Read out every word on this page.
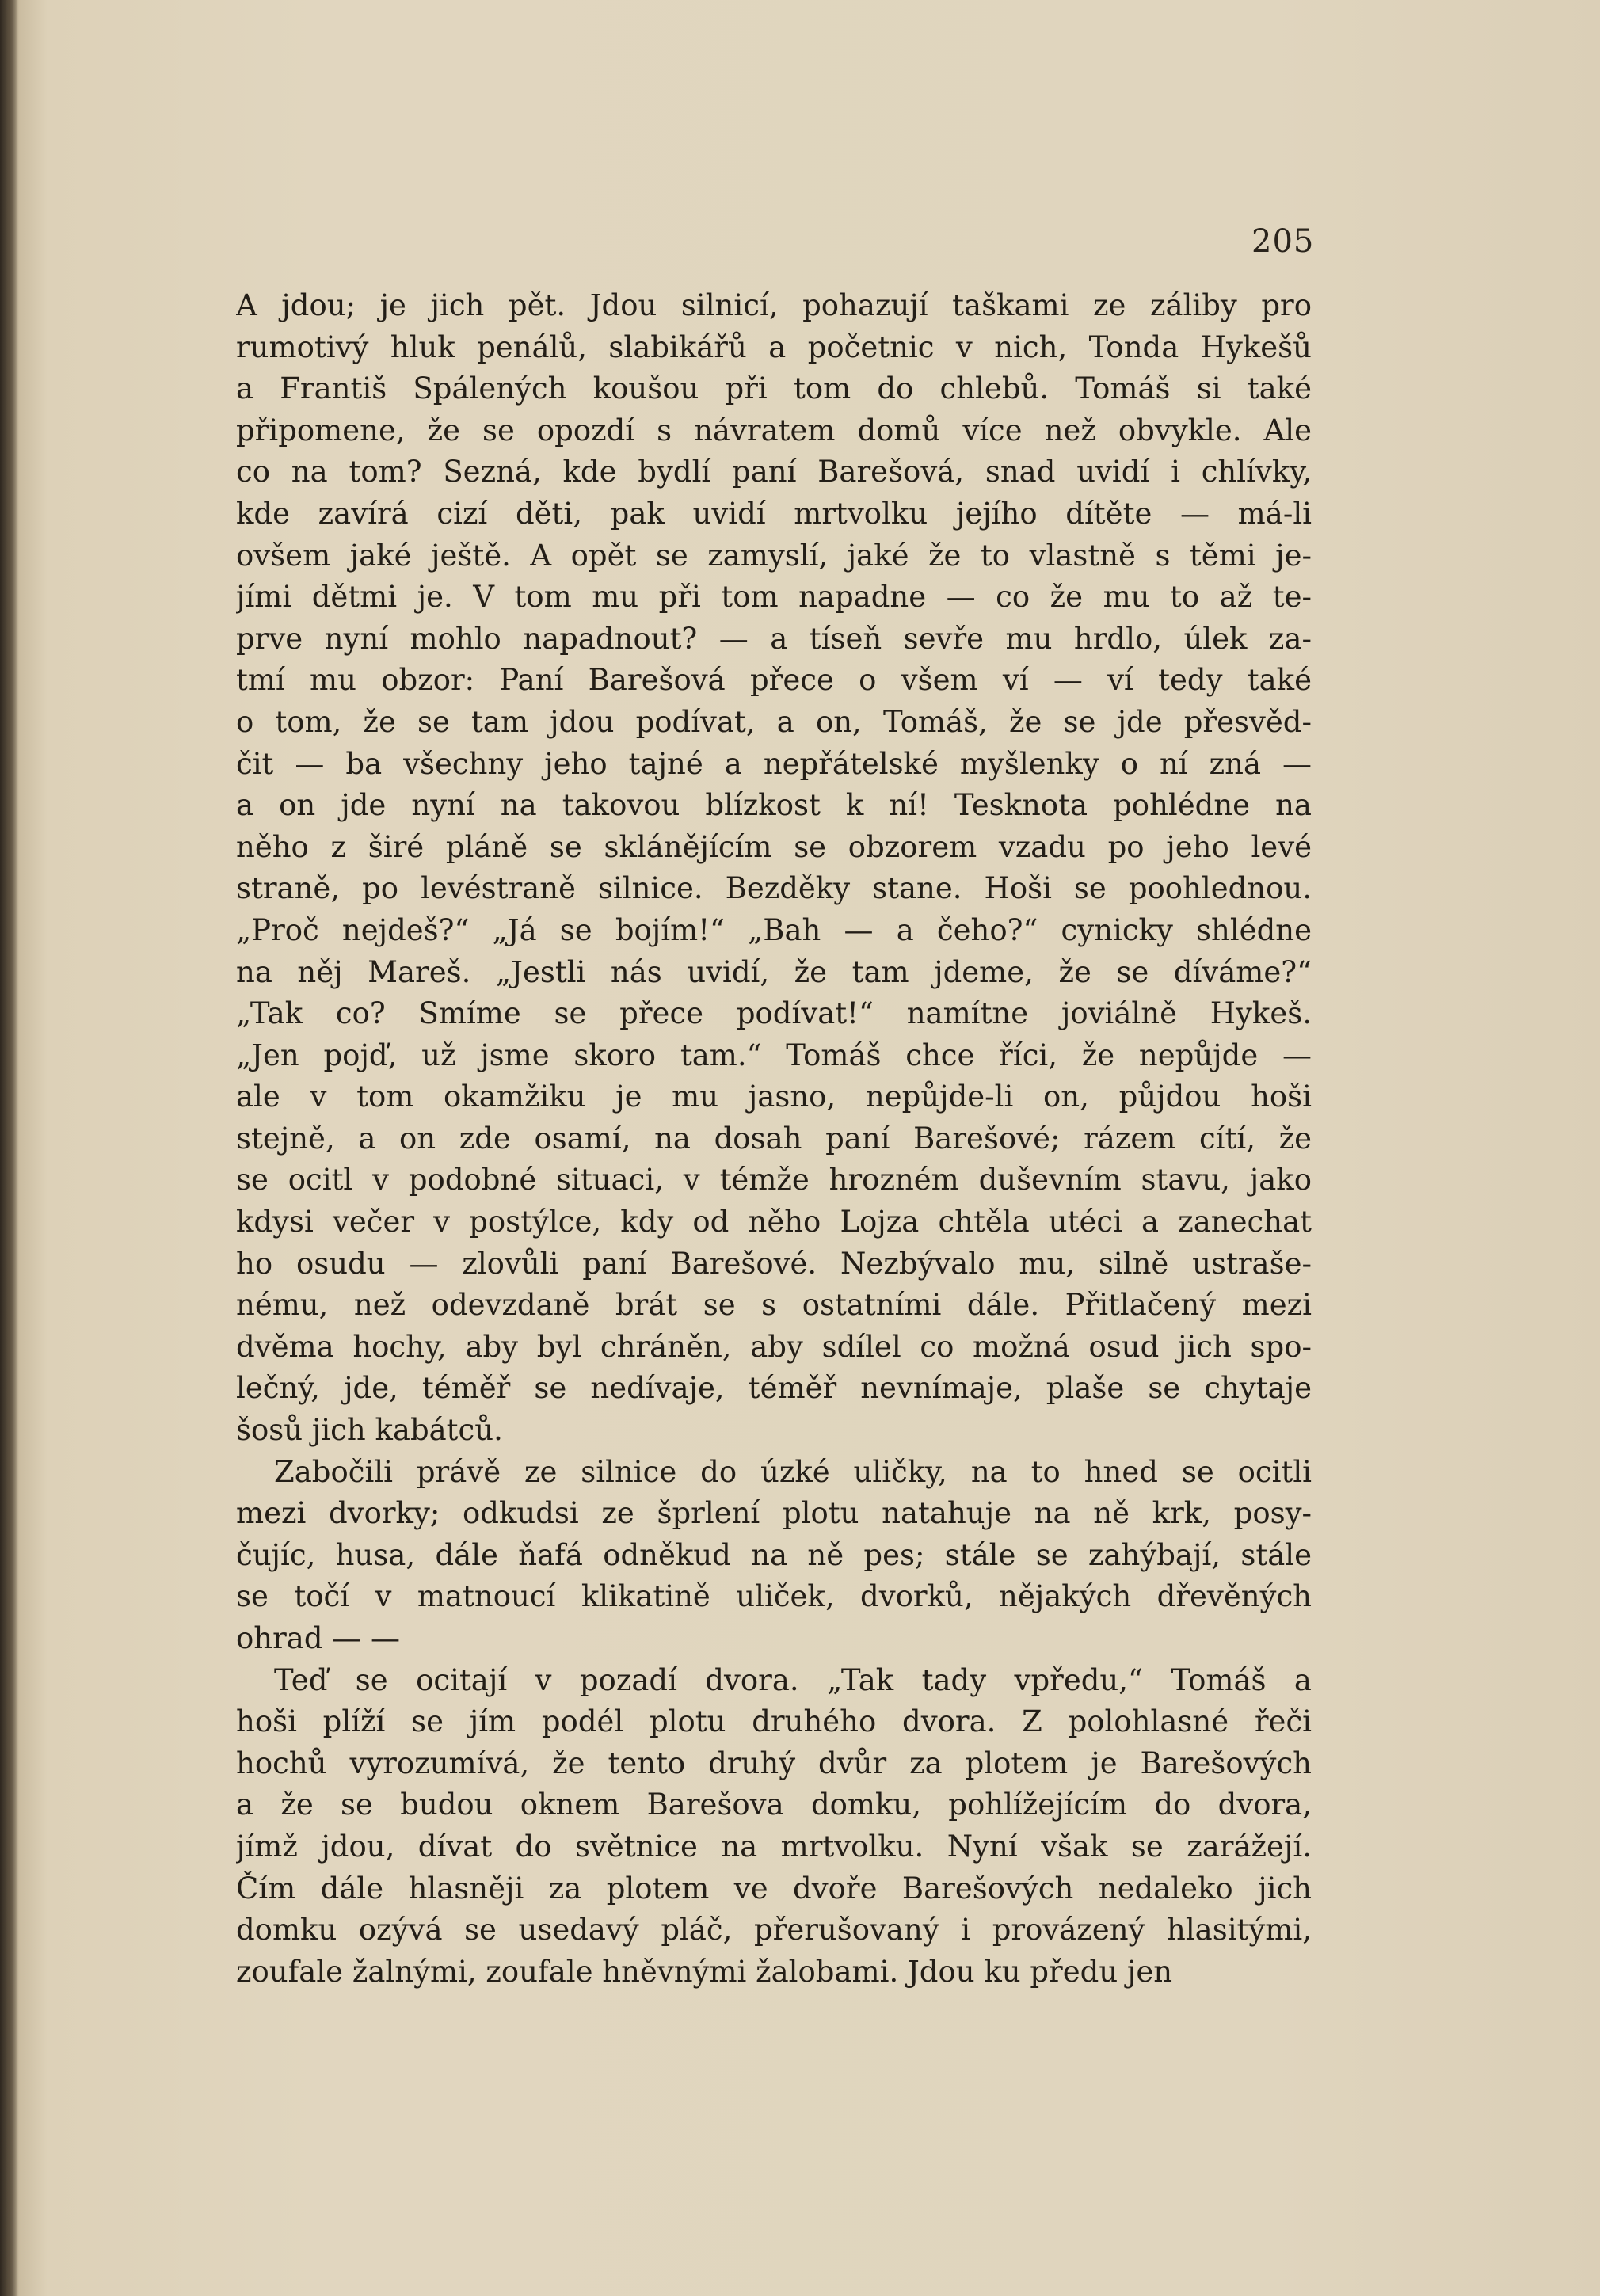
205
A jdou; je jich pět. Jdou silnicí, pohazují taškami ze záliby pro
rumotivý hluk penálů, slabikářů a početnic v nich, Tonda Hykešů
a Františ Spálených koušou při tom do chlebů. Tomáš si také
připomene, že se opozdí s návratem domů více než obvykle. Ale
co na tom? Sezná, kde bydlí paní Barešová, snad uvidí i chlívky,
kde zavírá cizí děti, pak uvidí mrtvolku jejího dítěte — má-li
ovšem jaké ještě. A opět se zamyslí, jaké že to vlastně s těmi je-
jími dětmi je. V tom mu při tom napadne — co že mu to až te-
prve nyní mohlo napadnout? — a tíseň sevře mu hrdlo, úlek za-
tmí mu obzor: Paní Barešová přece o všem ví — ví tedy také
o tom, že se tam jdou podívat, a on, Tomáš, že se jde přesvěd-
čit — ba všechny jeho tajné a nepřátelské myšlenky o ní zná —
a on jde nyní na takovou blízkost k ní! Tesknota pohlédne na
něho z širé pláně se sklánějícím se obzorem vzadu po jeho levé
straně, po levéstraně silnice. Bezděky stane. Hoši se poohlednou.
„Proč nejdeš?“ „Já se bojím!“ „Bah — a čeho?“ cynicky shlédne
na něj Mareš. „Jestli nás uvidí, že tam jdeme, že se díváme?“
„Tak co? Smíme se přece podívat!“ namítne joviálně Hykeš.
„Jen pojď, už jsme skoro tam.“ Tomáš chce říci, že nepůjde —
ale v tom okamžiku je mu jasno, nepůjde-li on, půjdou hoši
stejně, a on zde osamí, na dosah paní Barešové; rázem cítí, že
se ocitl v podobné situaci, v témže hrozném duševním stavu, jako
kdysi večer v postýlce, kdy od něho Lojza chtěla utéci a zanechat
ho osudu — zlovůli paní Barešové. Nezbývalo mu, silně ustraše-
nému, než odevzdaně brát se s ostatními dále. Přitlačený mezi
dvěma hochy, aby byl chráněn, aby sdílel co možná osud jich spo-
lečný, jde, téměř se nedívaje, téměř nevnímaje, plaše se chytaje
šosů jich kabátců.
Zabočili právě ze silnice do úzké uličky, na to hned se ocitli
mezi dvorky; odkudsi ze šprlení plotu natahuje na ně krk, posy-
čujíc, husa, dále ňafá odněkud na ně pes; stále se zahýbají, stále
se točí v matnoucí klikatině uliček, dvorků, nějakých dřevěných
ohrad — —
Teď se ocitají v pozadí dvora. „Tak tady vpředu,“ Tomáš a
hoši plíží se jím podél plotu druhého dvora. Z polohlasné řeči
hochů vyrozumívá, že tento druhý dvůr za plotem je Barešových
a že se budou oknem Barešova domku, pohlížejícím do dvora,
jímž jdou, dívat do světnice na mrtvolku. Nyní však se zarážejí.
Čím dále hlasněji za plotem ve dvoře Barešových nedaleko jich
domku ozývá se usedavý pláč, přerušovaný i provázený hlasitými,
zoufale žalnými, zoufale hněvnými žalobami. Jdou ku předu jen
